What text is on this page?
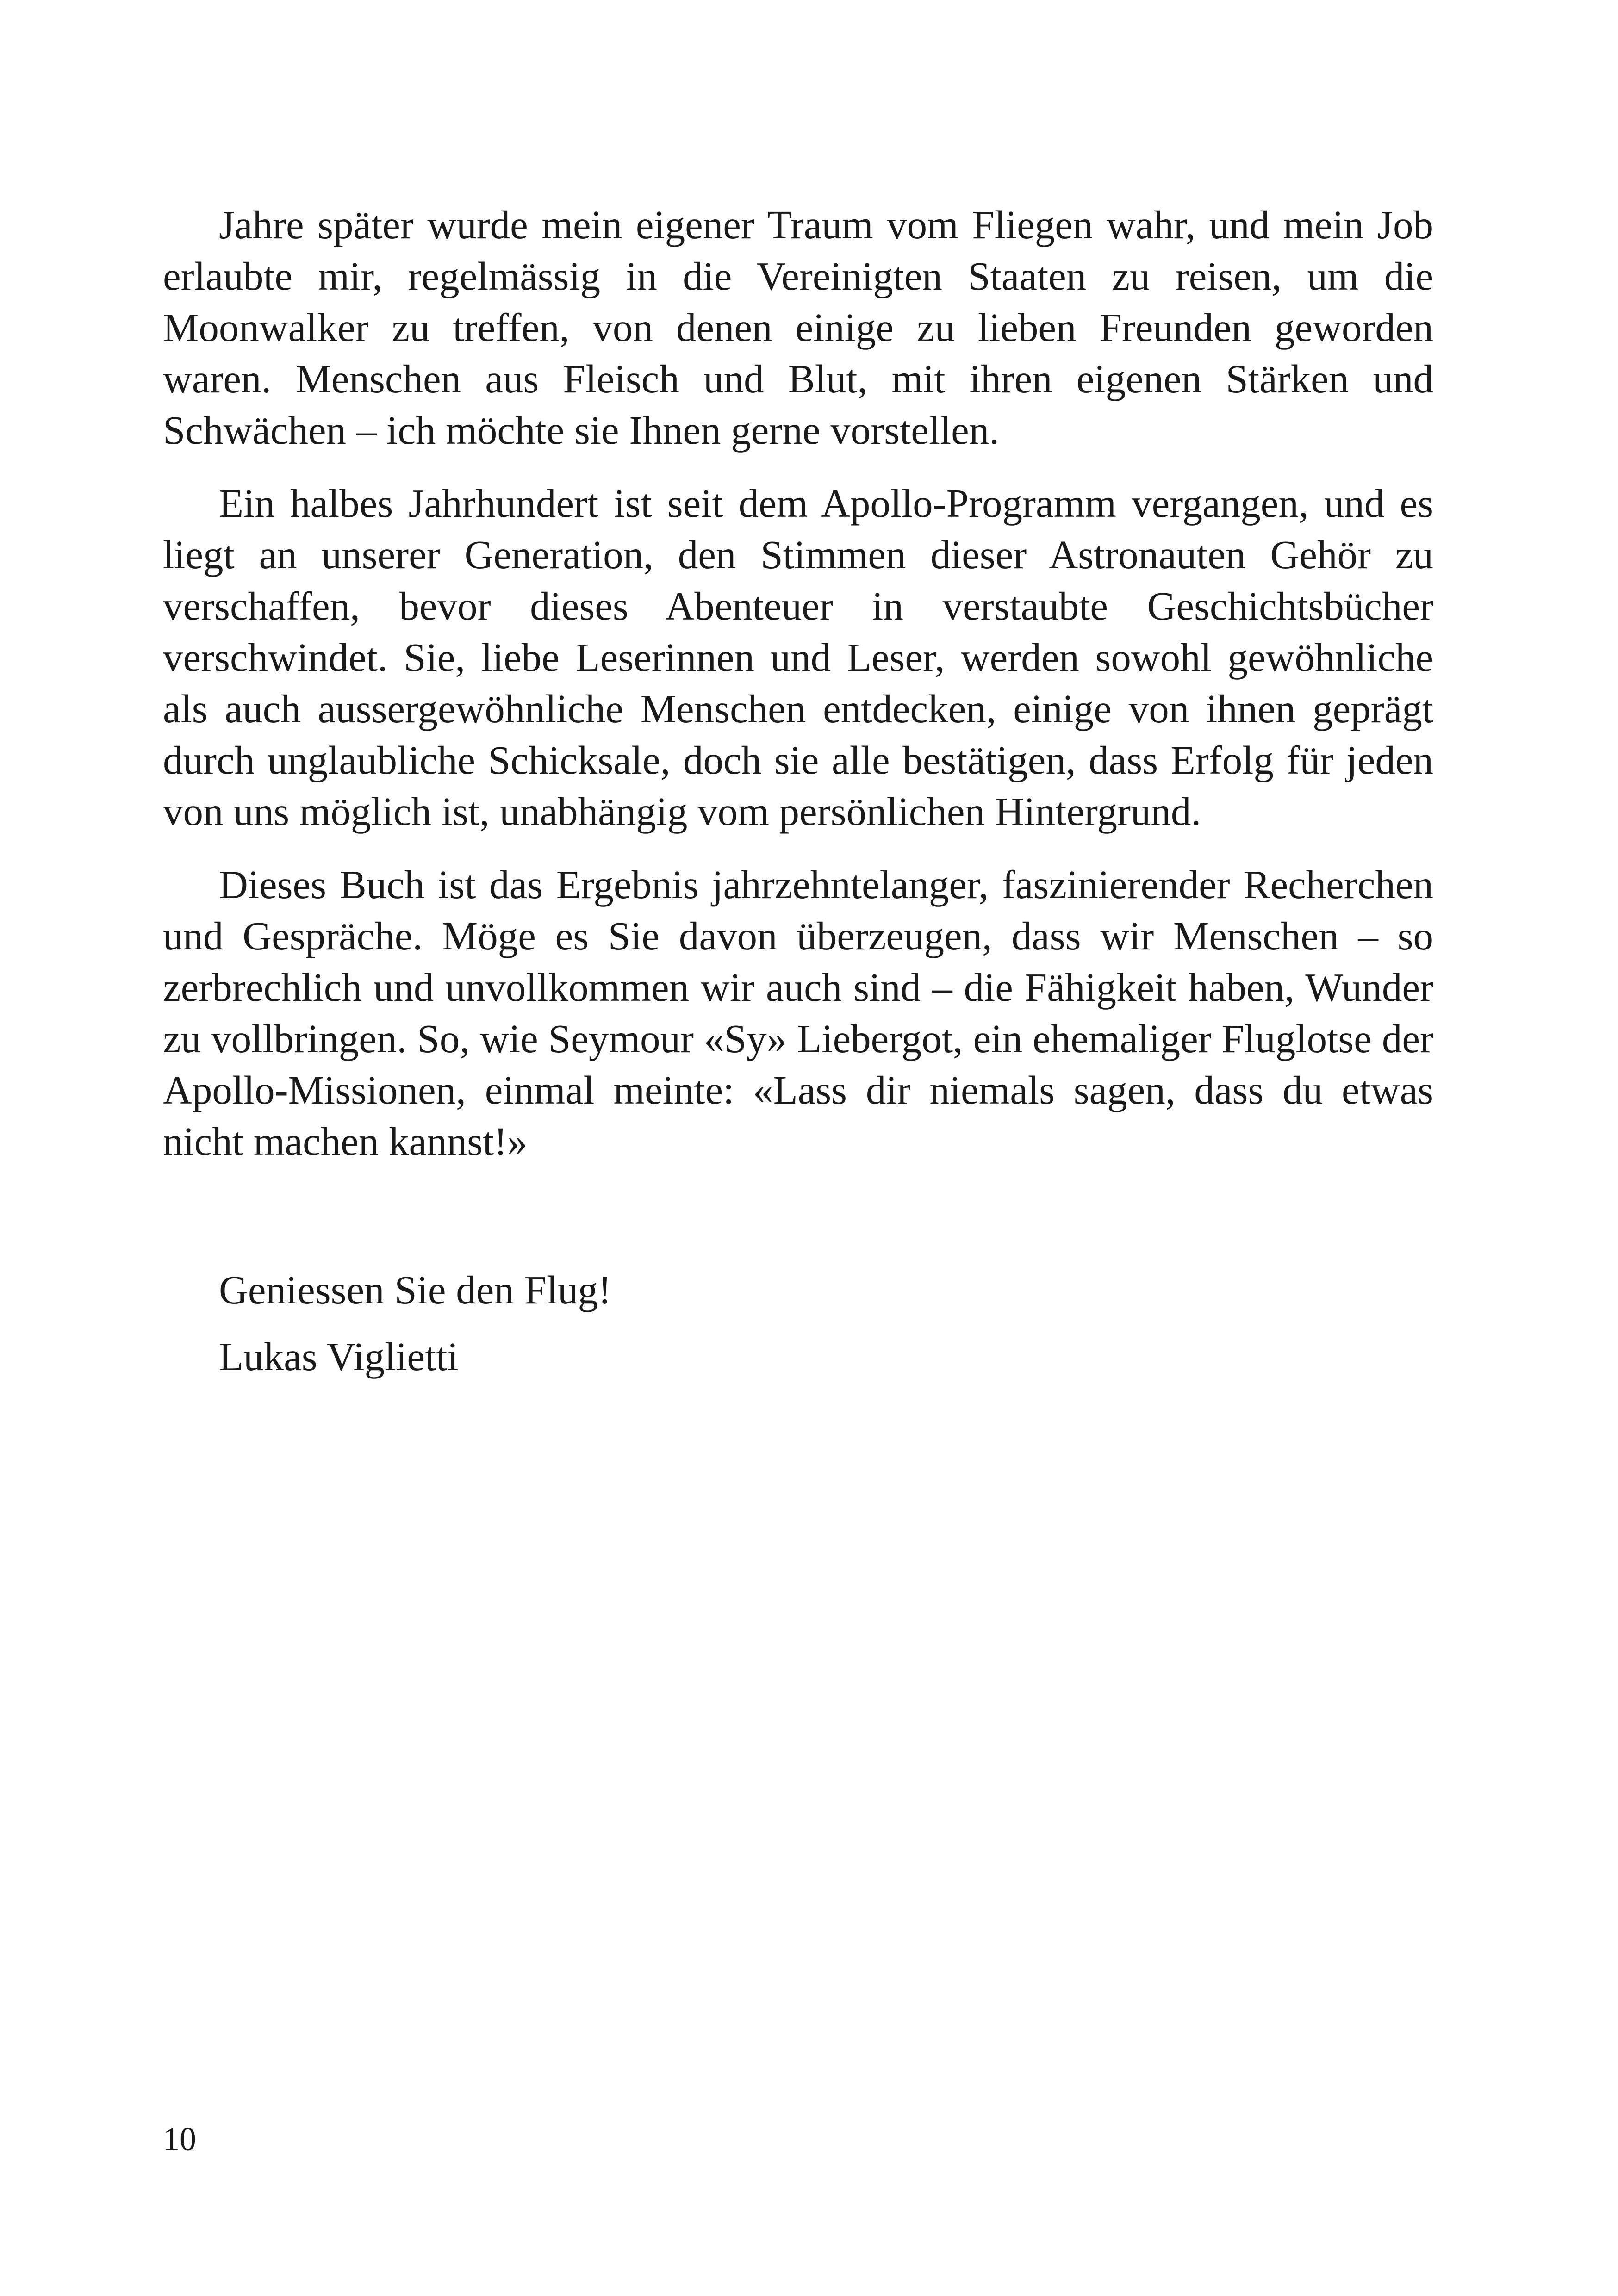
Jahre später wurde mein eigener Traum vom Fliegen wahr, und mein Job erlaubte mir, regelmässig in die Vereinigten Staaten zu reisen, um die Moonwalker zu treffen, von denen einige zu lieben Freunden geworden waren. Menschen aus Fleisch und Blut, mit ihren eigenen Stärken und Schwächen – ich möchte sie Ihnen gerne vorstellen.

Ein halbes Jahrhundert ist seit dem Apollo-Programm vergangen, und es liegt an unserer Generation, den Stimmen dieser Astronauten Gehör zu verschaffen, bevor dieses Abenteuer in verstaubte Geschichtsbücher verschwindet. Sie, liebe Leserinnen und Leser, werden sowohl gewöhnliche als auch aussergewöhnliche Menschen entdecken, einige von ihnen geprägt durch unglaubliche Schicksale, doch sie alle bestätigen, dass Erfolg für jeden von uns möglich ist, unabhängig vom persönlichen Hintergrund.

Dieses Buch ist das Ergebnis jahrzehntelanger, faszinierender Recherchen und Gespräche. Möge es Sie davon überzeugen, dass wir Menschen – so zerbrechlich und unvollkommen wir auch sind – die Fähigkeit haben, Wunder zu vollbringen. So, wie Seymour «Sy» Liebergot, ein ehemaliger Fluglotse der Apollo-Missionen, einmal meinte: «Lass dir niemals sagen, dass du etwas nicht machen kannst!»

Geniessen Sie den Flug!

Lukas Viglietti

10
